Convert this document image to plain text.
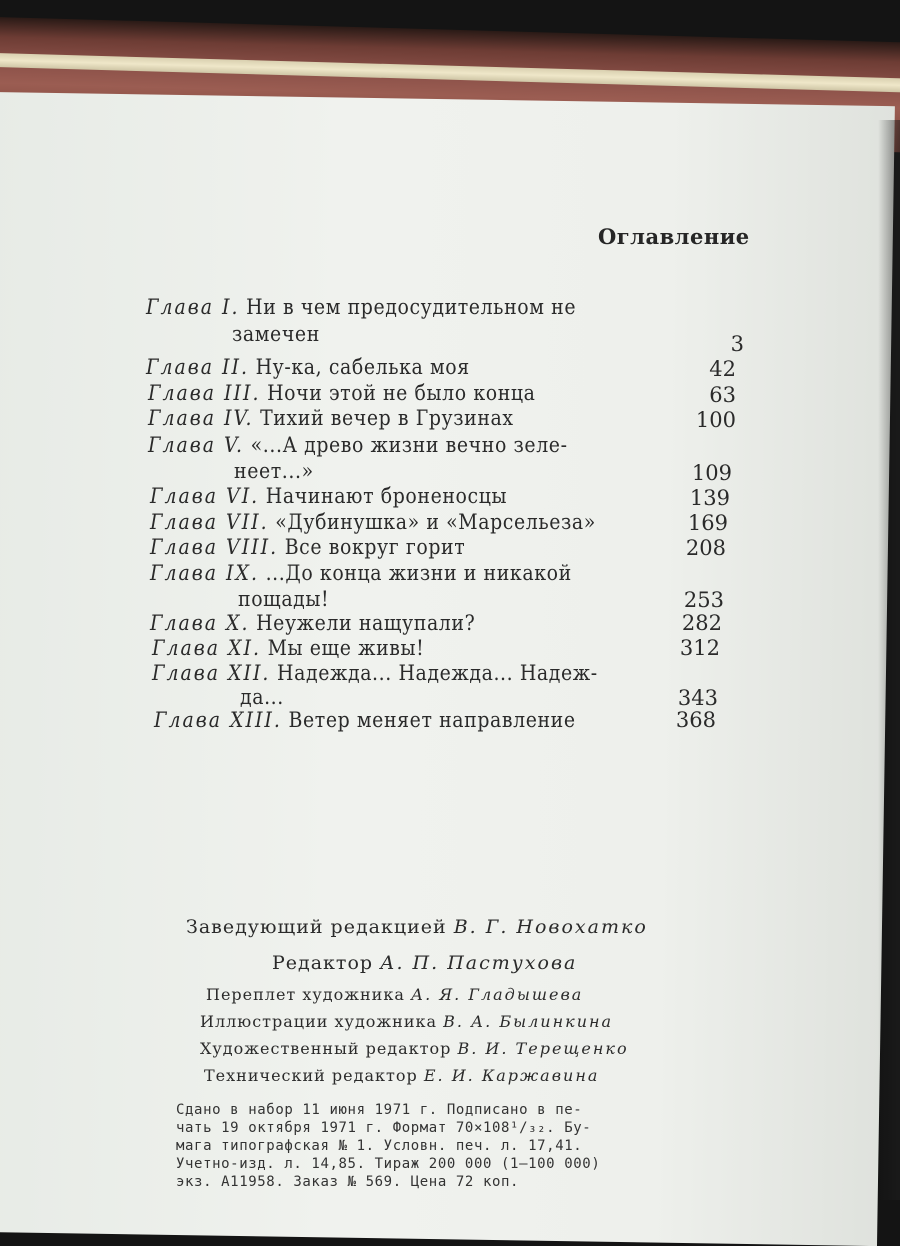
Оглавление
Глава I. Ни в чем предосудительном не
замечен	3
Глава II. Ну-ка, сабелька моя	42
Глава III. Ночи этой не было конца	63
Глава IV. Тихий вечер в Грузинах	100
Глава V. «...А древо жизни вечно зеле-
неет...»	109
Глава VI. Начинают броненосцы	139
Глава VII. «Дубинушка» и «Марсельеза»	169
Глава VIII. Все вокруг горит	208
Глава IX. ...До конца жизни и никакой
пощады!	253
Глава X. Неужели нащупали?	282
Глава XI. Мы еще живы!	312
Глава XII. Надежда... Надежда... Надеж-
да...	343
Глава XIII. Ветер меняет направление	368
Заведующий редакцией В. Г. Новохатко
Редактор А. П. Пастухова
Переплет художника А. Я. Гладышева
Иллюстрации художника В. А. Былинкина
Художественный редактор В. И. Терещенко
Технический редактор Е. И. Каржавина
Сдано в набор 11 июня 1971 г. Подписано в пе-
чать 19 октября 1971 г. Формат 70×108¹/₃₂. Бу-
мага типографская № 1. Условн. печ. л. 17,41.
Учетно-изд. л. 14,85. Тираж 200 000 (1—100 000)
экз. А11958. Заказ № 569. Цена 72 коп.
